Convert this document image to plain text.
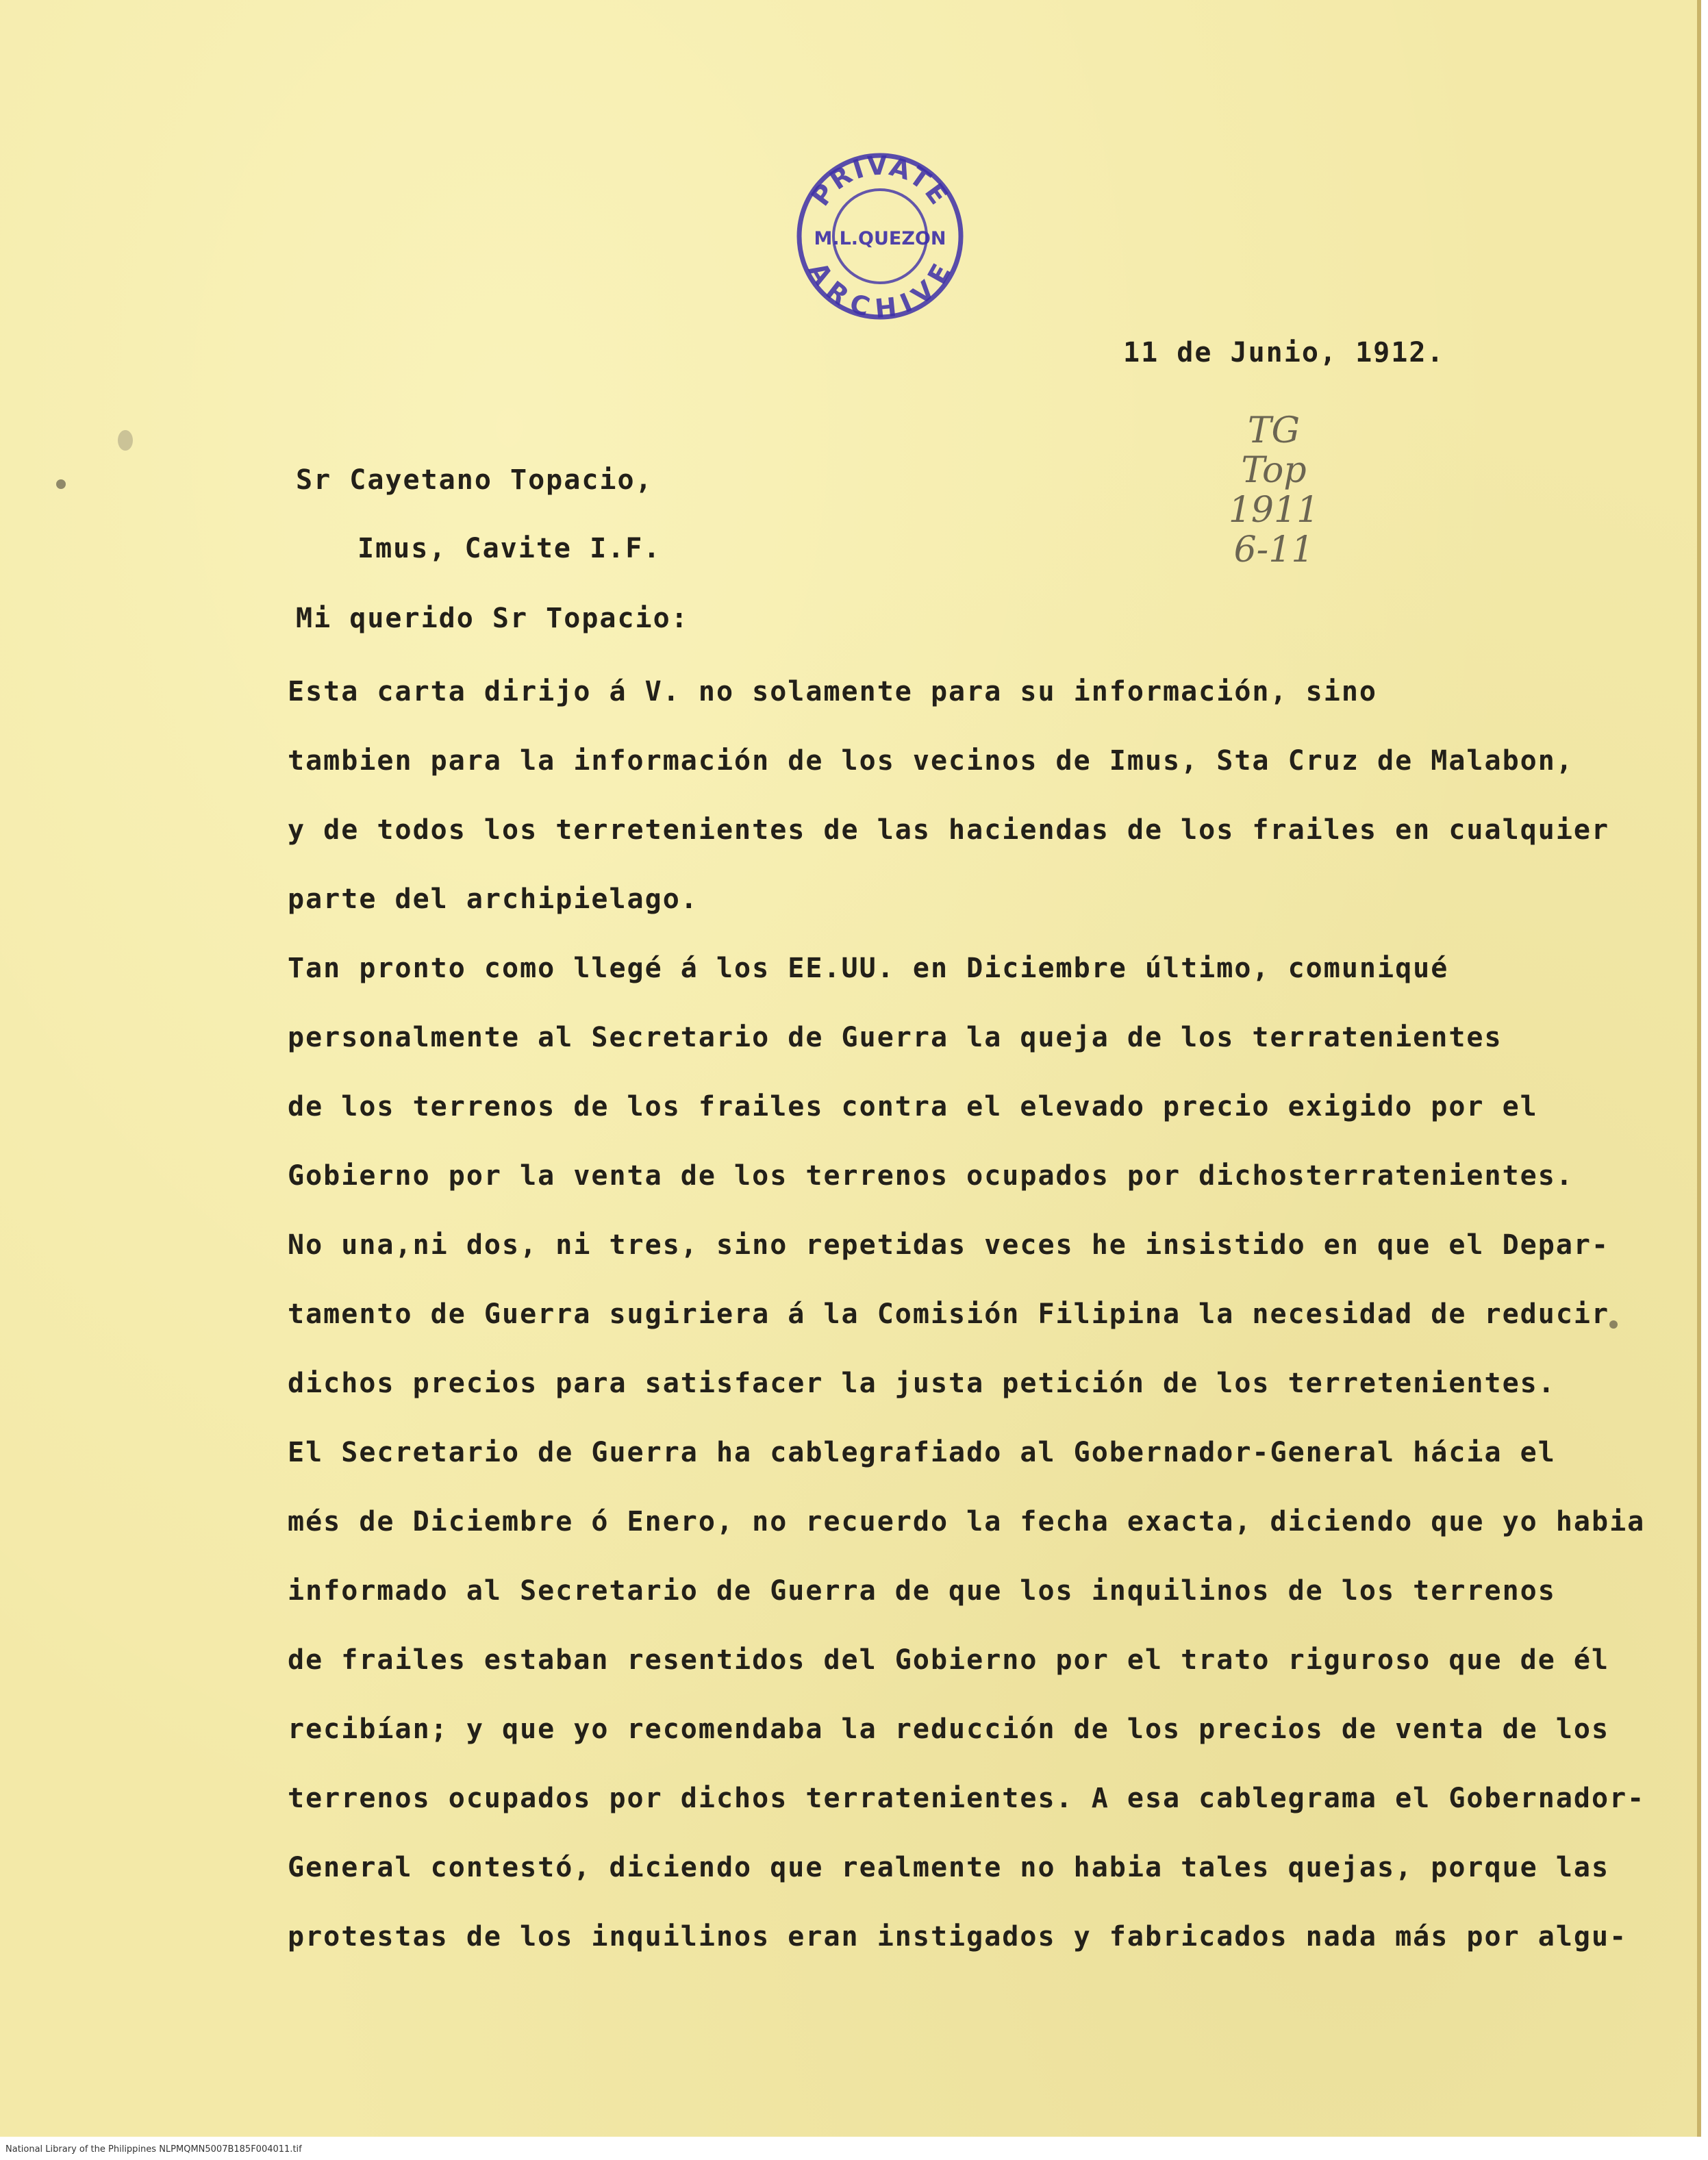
PRIVATE
M.L.QUEZON
ARCHIVE
11 de Junio, 1912.
TG
Top
1911
6-11
Sr Cayetano Topacio,
Imus, Cavite I.F.
Mi querido Sr Topacio:
Esta carta dirijo á V. no solamente para su información, sino
tambien para la información de los vecinos de Imus, Sta Cruz de Malabon,
y de todos los terretenientes de las haciendas de los frailes en cualquier
parte del archipielago.
Tan pronto como llegé á los EE.UU. en Diciembre último, comuniqué
personalmente al Secretario de Guerra la queja de los terratenientes
de los terrenos de los frailes contra el elevado precio exigido por el
Gobierno por la venta de los terrenos ocupados por dichosterratenientes.
No una,ni dos, ni tres, sino repetidas veces he insistido en que el Depar-
tamento de Guerra sugiriera á la Comisión Filipina la necesidad de reducir
dichos precios para satisfacer la justa petición de los terretenientes.
El Secretario de Guerra ha cablegrafiado al Gobernador-General hácia el
més de Diciembre ó Enero, no recuerdo la fecha exacta, diciendo que yo habia
informado al Secretario de Guerra de que los inquilinos de los terrenos
de frailes estaban resentidos del Gobierno por el trato riguroso que de él
recibían; y que yo recomendaba la reducción de los precios de venta de los
terrenos ocupados por dichos terratenientes. A esa cablegrama el Gobernador-
General contestó, diciendo que realmente no habia tales quejas, porque las
protestas de los inquilinos eran instigados y fabricados nada más por algu-
National Library of the Philippines NLPMQMN5007B185F004011.tif
